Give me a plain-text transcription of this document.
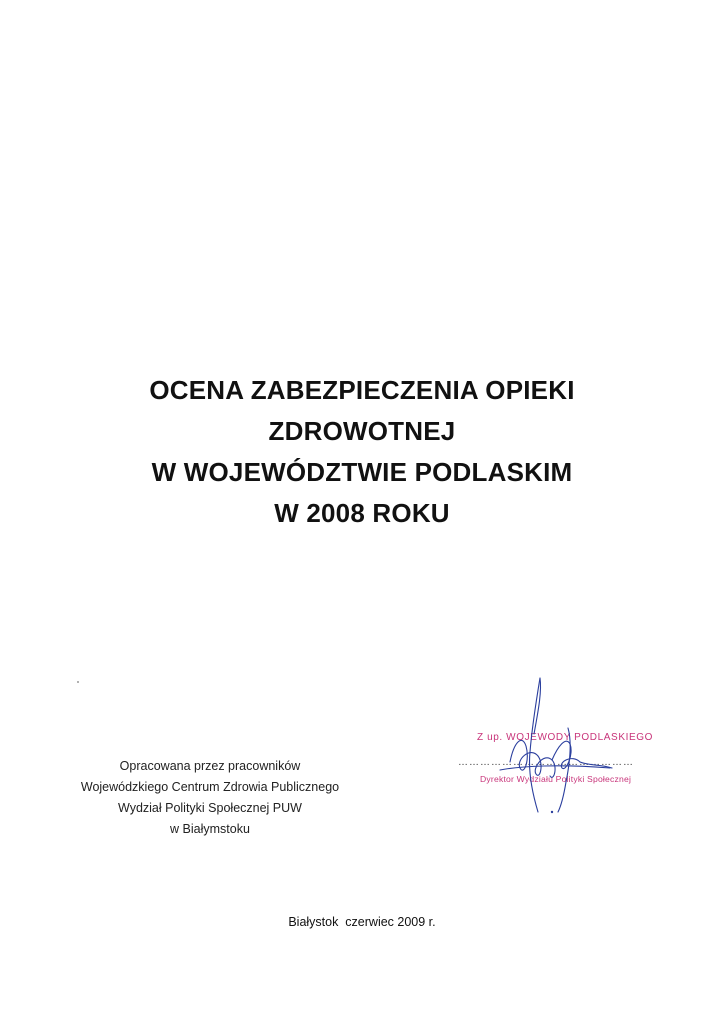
OCENA ZABEZPIECZENIA OPIEKI
ZDROWOTNEJ
W WOJEWÓDZTWIE PODLASKIM
W 2008 ROKU
Opracowana przez pracowników
Wojewódzkiego Centrum Zdrowia Publicznego
Wydział Polityki Społecznej PUW
w Białymstoku
Z up. WOJEWODY PODLASKIEGO
…………………………………………
Dyrektor Wydziału Polityki Społecznej
Białystok  czerwiec 2009 r.
